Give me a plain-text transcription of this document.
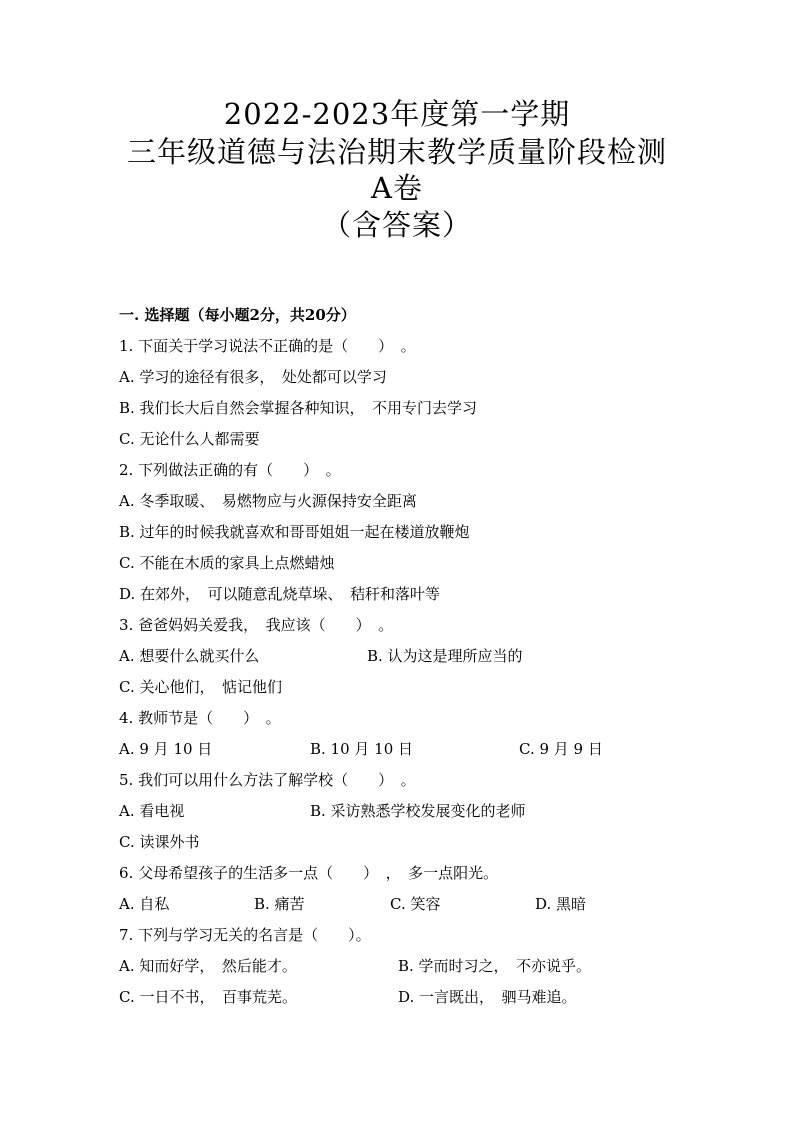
2022-2023年度第一学期
三年级道德与法治期末教学质量阶段检测
A卷
（含答案）
一. 选择题（每小题2分，共20分）
1. 下面关于学习说法不正确的是（　　）　。
A. 学习的途径有很多，　处处都可以学习
B. 我们长大后自然会掌握各种知识，　不用专门去学习
C. 无论什么人都需要
2. 下列做法正确的有（　　）　。
A. 冬季取暖、　易燃物应与火源保持安全距离
B. 过年的时候我就喜欢和哥哥姐姐一起在楼道放鞭炮
C. 不能在木质的家具上点燃蜡烛
D. 在郊外，　可以随意乱烧草垛、　秸秆和落叶等
3. 爸爸妈妈关爱我，　我应该（　　）　。
A. 想要什么就买什么	B. 认为这是理所应当的
C. 关心他们，　惦记他们
4. 教师节是（　　）　。
A. 9 月 10 日	B. 10 月 10 日	C. 9 月 9 日
5. 我们可以用什么方法了解学校（　　）　。
A. 看电视	B. 采访熟悉学校发展变化的老师
C. 读课外书
6. 父母希望孩子的生活多一点（　　）　，　多一点阳光。
A. 自私	B. 痛苦	C. 笑容	D. 黑暗
7. 下列与学习无关的名言是（　　）。
A. 知而好学，　然后能才。	B. 学而时习之，　不亦说乎。
C. 一日不书，　百事荒芜。	D. 一言既出，　驷马难追。
